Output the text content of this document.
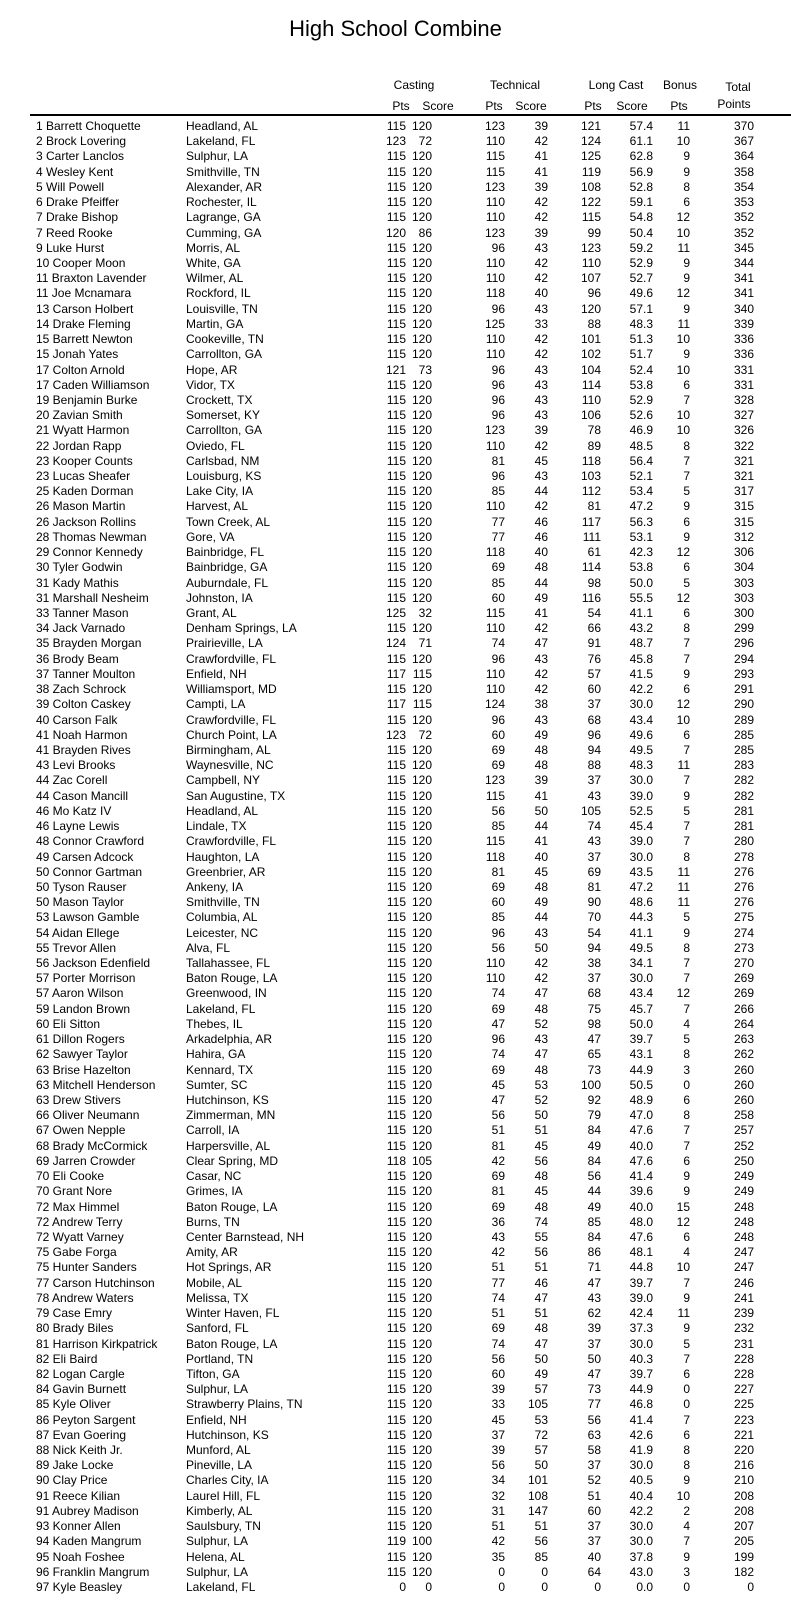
High School Combine
Casting	Technical	Long Cast Bonus Total
Points
Pts Score	Pts Score	Pts Score Pts
1 Barrett Choquette	Headland, AL	115 120	123	39	121	57.4	11	370
2 Brock Lovering	Lakeland, FL	123	72	110	42	124	61.1	10	367
3 Carter Lanclos	Sulphur, LA	115 120	115	41	125	62.8	9	364
4 Wesley Kent	Smithville, TN	115 120	115	41	119	56.9	9	358
5 Will Powell	Alexander, AR	115 120	123	39	108	52.8	8	354
6 Drake Pfeiffer	Rochester, IL	115 120	110	42	122	59.1	6	353
7 Drake Bishop	Lagrange, GA	115 120	110	42	115	54.8	12	352
7 Reed Rooke	Cumming, GA	120	86	123	39	99	50.4	10	352
9 Luke Hurst	Morris, AL	115 120	96	43	123	59.2	11	345
10 Cooper Moon	White, GA	115 120	110	42	110	52.9	9	344
11 Braxton Lavender	Wilmer, AL	115 120	110	42	107	52.7	9	341
11 Joe Mcnamara	Rockford, IL	115 120	118	40	96	49.6	12	341
13 Carson Holbert	Louisville, TN	115 120	96	43	120	57.1	9	340
14 Drake Fleming	Martin, GA	115 120	125	33	88	48.3	11	339
15 Barrett Newton	Cookeville, TN	115 120	110	42	101	51.3	10	336
15 Jonah Yates	Carrollton, GA	115 120	110	42	102	51.7	9	336
17 Colton Arnold	Hope, AR	121	73	96	43	104	52.4	10	331
17 Caden Williamson	Vidor, TX	115 120	96	43	114	53.8	6	331
19 Benjamin Burke	Crockett, TX	115 120	96	43	110	52.9	7	328
20 Zavian Smith	Somerset, KY	115 120	96	43	106	52.6	10	327
21 Wyatt Harmon	Carrollton, GA	115 120	123	39	78	46.9	10	326
22 Jordan Rapp	Oviedo, FL	115 120	110	42	89	48.5	8	322
23 Kooper Counts	Carlsbad, NM	115 120	81	45	118	56.4	7	321
23 Lucas Sheafer	Louisburg, KS	115 120	96	43	103	52.1	7	321
25 Kaden Dorman	Lake City, IA	115 120	85	44	112	53.4	5	317
26 Mason Martin	Harvest, AL	115 120	110	42	81	47.2	9	315
26 Jackson Rollins	Town Creek, AL	115 120	77	46	117	56.3	6	315
28 Thomas Newman	Gore, VA	115 120	77	46	111	53.1	9	312
29 Connor Kennedy	Bainbridge, FL	115 120	118	40	61	42.3	12	306
30 Tyler Godwin	Bainbridge, GA	115 120	69	48	114	53.8	6	304
31 Kady Mathis	Auburndale, FL	115 120	85	44	98	50.0	5	303
31 Marshall Nesheim	Johnston, IA	115 120	60	49	116	55.5	12	303
33 Tanner Mason	Grant, AL	125	32	115	41	54	41.1	6	300
34 Jack Varnado	Denham Springs, LA	115 120	110	42	66	43.2	8	299
35 Brayden Morgan	Prairieville, LA	124	71	74	47	91	48.7	7	296
36 Brody Beam	Crawfordville, FL	115 120	96	43	76	45.8	7	294
37 Tanner Moulton	Enfield, NH	117 115	110	42	57	41.5	9	293
38 Zach Schrock	Williamsport, MD	115 120	110	42	60	42.2	6	291
39 Colton Caskey	Campti, LA	117 115	124	38	37	30.0	12	290
40 Carson Falk	Crawfordville, FL	115 120	96	43	68	43.4	10	289
41 Noah Harmon	Church Point, LA	123	72	60	49	96	49.6	6	285
41 Brayden Rives	Birmingham, AL	115 120	69	48	94	49.5	7	285
43 Levi Brooks	Waynesville, NC	115 120	69	48	88	48.3	11	283
44 Zac Corell	Campbell, NY	115 120	123	39	37	30.0	7	282
44 Cason Mancill	San Augustine, TX	115 120	115	41	43	39.0	9	282
46 Mo Katz IV	Headland, AL	115 120	56	50	105	52.5	5	281
46 Layne Lewis	Lindale, TX	115 120	85	44	74	45.4	7	281
48 Connor Crawford	Crawfordville, FL	115 120	115	41	43	39.0	7	280
49 Carsen Adcock	Haughton, LA	115 120	118	40	37	30.0	8	278
50 Connor Gartman	Greenbrier, AR	115 120	81	45	69	43.5	11	276
50 Tyson Rauser	Ankeny, IA	115 120	69	48	81	47.2	11	276
50 Mason Taylor	Smithville, TN	115 120	60	49	90	48.6	11	276
53 Lawson Gamble	Columbia, AL	115 120	85	44	70	44.3	5	275
54 Aidan Ellege	Leicester, NC	115 120	96	43	54	41.1	9	274
55 Trevor Allen	Alva, FL	115 120	56	50	94	49.5	8	273
56 Jackson Edenfield	Tallahassee, FL	115 120	110	42	38	34.1	7	270
57 Porter Morrison	Baton Rouge, LA	115 120	110	42	37	30.0	7	269
57 Aaron Wilson	Greenwood, IN	115 120	74	47	68	43.4	12	269
59 Landon Brown	Lakeland, FL	115 120	69	48	75	45.7	7	266
60 Eli Sitton	Thebes, IL	115 120	47	52	98	50.0	4	264
61 Dillon Rogers	Arkadelphia, AR	115 120	96	43	47	39.7	5	263
62 Sawyer Taylor	Hahira, GA	115 120	74	47	65	43.1	8	262
63 Brise Hazelton	Kennard, TX	115 120	69	48	73	44.9	3	260
63 Mitchell Henderson	Sumter, SC	115 120	45	53	100	50.5	0	260
63 Drew Stivers	Hutchinson, KS	115 120	47	52	92	48.9	6	260
66 Oliver Neumann	Zimmerman, MN	115 120	56	50	79	47.0	8	258
67 Owen Nepple	Carroll, IA	115 120	51	51	84	47.6	7	257
68 Brady McCormick	Harpersville, AL	115 120	81	45	49	40.0	7	252
69 Jarren Crowder	Clear Spring, MD	118 105	42	56	84	47.6	6	250
70 Eli Cooke	Casar, NC	115 120	69	48	56	41.4	9	249
70 Grant Nore	Grimes, IA	115 120	81	45	44	39.6	9	249
72 Max Himmel	Baton Rouge, LA	115 120	69	48	49	40.0	15	248
72 Andrew Terry	Burns, TN	115 120	36	74	85	48.0	12	248
72 Wyatt Varney	Center Barnstead, NH	115 120	43	55	84	47.6	6	248
75 Gabe Forga	Amity, AR	115 120	42	56	86	48.1	4	247
75 Hunter Sanders	Hot Springs, AR	115 120	51	51	71	44.8	10	247
77 Carson Hutchinson	Mobile, AL	115 120	77	46	47	39.7	7	246
78 Andrew Waters	Melissa, TX	115 120	74	47	43	39.0	9	241
79 Case Emry	Winter Haven, FL	115 120	51	51	62	42.4	11	239
80 Brady Biles	Sanford, FL	115 120	69	48	39	37.3	9	232
81 Harrison Kirkpatrick Baton Rouge, LA	115 120	74	47	37	30.0	5	231
82 Eli Baird	Portland, TN	115 120	56	50	50	40.3	7	228
82 Logan Cargle	Tifton, GA	115 120	60	49	47	39.7	6	228
84 Gavin Burnett	Sulphur, LA	115 120	39	57	73	44.9	0	227
85 Kyle Oliver	Strawberry Plains, TN	115 120	33	105	77	46.8	0	225
86 Peyton Sargent	Enfield, NH	115 120	45	53	56	41.4	7	223
87 Evan Goering	Hutchinson, KS	115 120	37	72	63	42.6	6	221
88 Nick Keith Jr.	Munford, AL	115 120	39	57	58	41.9	8	220
89 Jake Locke	Pineville, LA	115 120	56	50	37	30.0	8	216
90 Clay Price	Charles City, IA	115 120	34	101	52	40.5	9	210
91 Reece Kilian	Laurel Hill, FL	115 120	32	108	51	40.4	10	208
91 Aubrey Madison	Kimberly, AL	115 120	31	147	60	42.2	2	208
93 Konner Allen	Saulsbury, TN	115 120	51	51	37	30.0	4	207
94 Kaden Mangrum	Sulphur, LA	119 100	42	56	37	30.0	7	205
95 Noah Foshee	Helena, AL	115 120	35	85	40	37.8	9	199
96 Franklin Mangrum	Sulphur, LA	115 120	0	0	64	43.0	3	182
97 Kyle Beasley	Lakeland, FL	0	0	0	0	0	0.0	0	0
